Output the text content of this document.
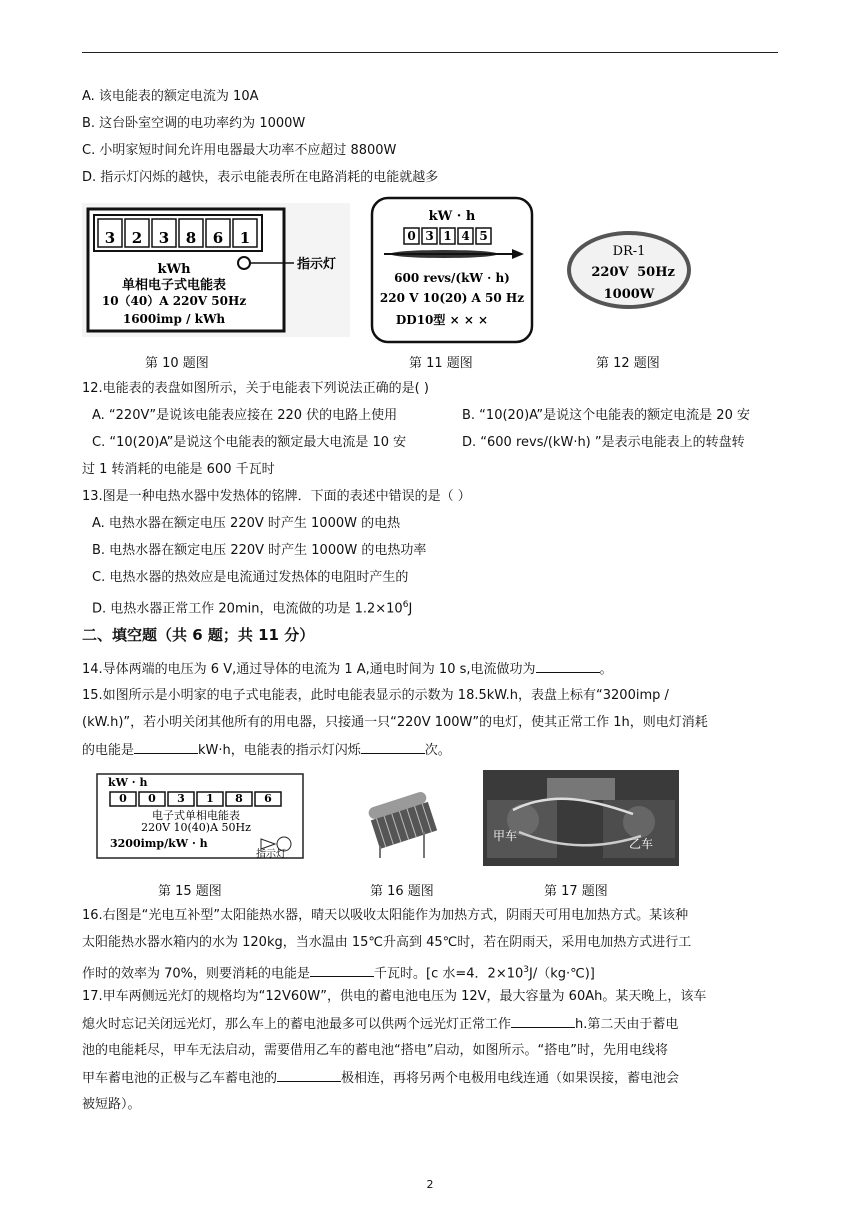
A. 该电能表的额定电流为 10A
B. 这台卧室空调的电功率约为 1000W
C. 小明家短时间允许用电器最大功率不应超过 8800W
D. 指示灯闪烁的越快，表示电能表所在电路消耗的电能就越多
3 2 3 8 6 1
指示灯
kWh
单相电子式电能表
10（40）A 220V 50Hz
1600imp / kWh
kW · h
0 3 1 4 5
600 revs/(kW · h)
220 V 10(20) A 50 Hz
DD10型 × × ×
DR-1
220V 50Hz
1000W
第 10 题图	第 11 题图	第 12 题图
12.电能表的表盘如图所示，关于电能表下列说法正确的是( )
A. “220V”是说该电能表应接在 220 伏的电路上使用	B. “10(20)A”是说这个电能表的额定电流是 20 安
C. “10(20)A”是说这个电能表的额定最大电流是 10 安	D. “600 revs/(kW·h) ”是表示电能表上的转盘转
过 1 转消耗的电能是 600 千瓦时
13.图是一种电热水器中发热体的铭牌．下面的表述中错误的是（ ）
A. 电热水器在额定电压 220V 时产生 1000W 的电热
B. 电热水器在额定电压 220V 时产生 1000W 的电热功率
C. 电热水器的热效应是电流通过发热体的电阻时产生的
D. 电热水器正常工作 20min，电流做的功是 $1.2\times 10^6J$
二、填空题（共 6 题；共 11 分）
14.导体两端的电压为 6 V,通过导体的电流为 1 A,通电时间为 10 s,电流做功为	。
15.如图所示是小明家的电子式电能表，此时电能表显示的示数为 18.5kW.h，表盘上标有“3200imp /
(kW.h)”，若小明关闭其他所有的用电器，只接通一只“220V 100W”的电灯，使其正常工作 1h，则电灯消耗
的电能是	kW·h，电能表的指示灯闪烁	次。
kW · h
0 0 3 1 8 6
电子式单相电能表
220V 10(40)A 50Hz
3200imp/kW · h
指示灯
甲车
乙车
第 15 题图	第 16 题图	第 17 题图
16.右图是“光电互补型”太阳能热水器，晴天以吸收太阳能作为加热方式，阴雨天可用电加热方式。某该种
太阳能热水器水箱内的水为 120kg，当水温由 15℃升高到 45℃时，若在阴雨天，采用电加热方式进行工
作时的效率为 70%，则要消耗的电能是	千瓦时。[c 水=4．$2\times 10^3J/(kg\cdot℃)$]
17.甲车两侧远光灯的规格均为“12V60W”，供电的蓄电池电压为 12V，最大容量为 60Ah。某天晚上，该车
熄火时忘记关闭远光灯，那么车上的蓄电池最多可以供两个远光灯正常工作	h.第二天由于蓄电
池的电能耗尽，甲车无法启动，需要借用乙车的蓄电池“搭电”启动，如图所示。“搭电”时，先用电线将
甲车蓄电池的正极与乙车蓄电池的	极相连，再将另两个电极用电线连通（如果误接，蓄电池会
被短路）。
2
